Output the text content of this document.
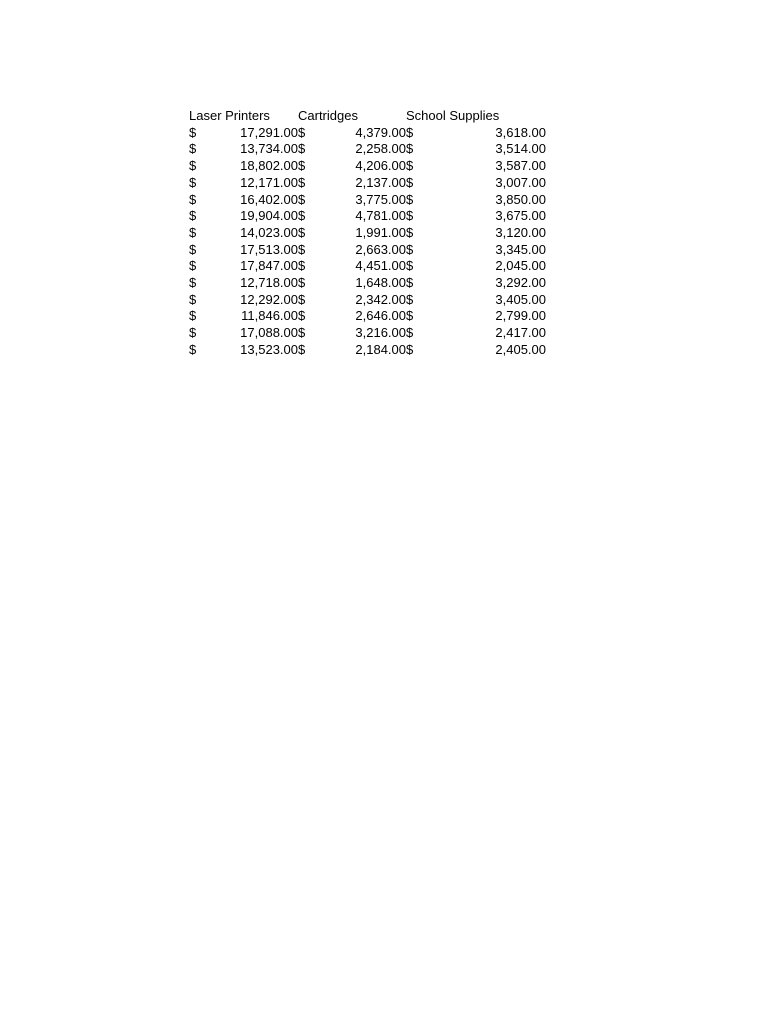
Laser Printers		Cartridges		School Supplies	
$	17,291.00	$	4,379.00	$	3,618.00
$	13,734.00	$	2,258.00	$	3,514.00
$	18,802.00	$	4,206.00	$	3,587.00
$	12,171.00	$	2,137.00	$	3,007.00
$	16,402.00	$	3,775.00	$	3,850.00
$	19,904.00	$	4,781.00	$	3,675.00
$	14,023.00	$	1,991.00	$	3,120.00
$	17,513.00	$	2,663.00	$	3,345.00
$	17,847.00	$	4,451.00	$	2,045.00
$	12,718.00	$	1,648.00	$	3,292.00
$	12,292.00	$	2,342.00	$	3,405.00
$	11,846.00	$	2,646.00	$	2,799.00
$	17,088.00	$	3,216.00	$	2,417.00
$	13,523.00	$	2,184.00	$	2,405.00
